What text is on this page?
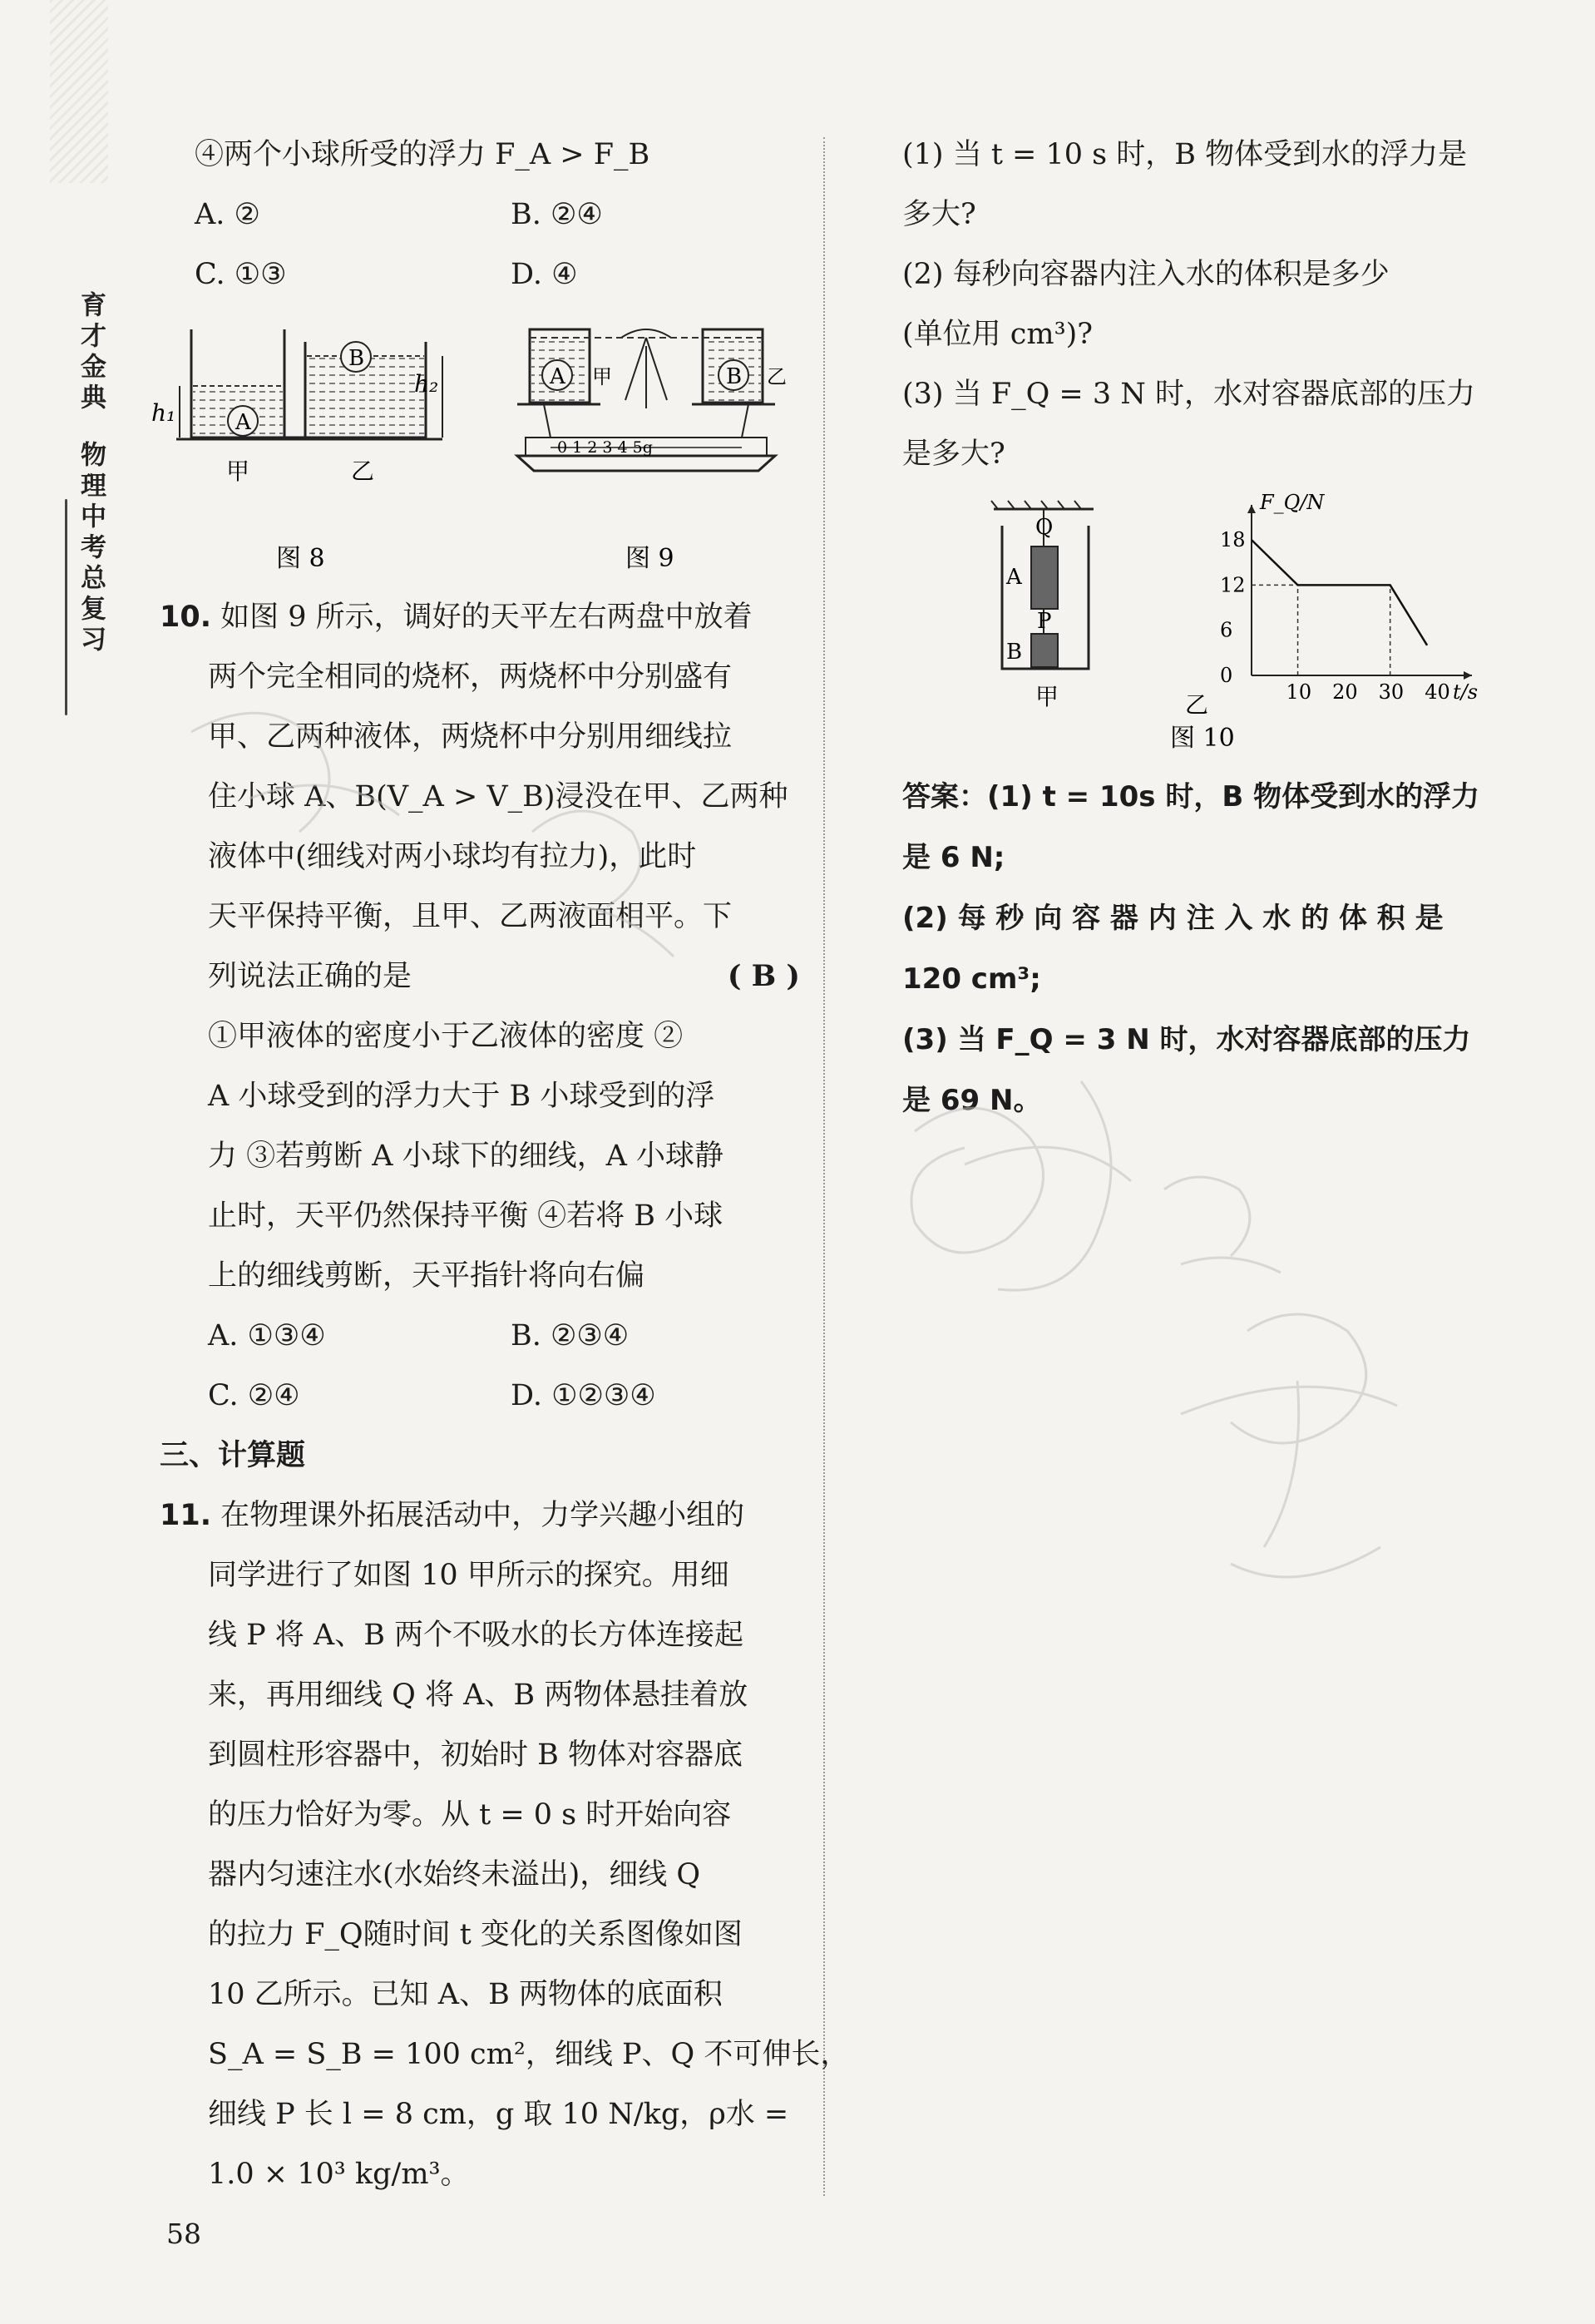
育才金典物理中考总复习
④两个小球所受的浮力 F_A > F_B
A. ②	B. ②④
C. ①③	D. ④
h₁
h₂
A
B
甲	乙
图 8
A	B
甲	乙
0 1 2 3 4 5g
图 9
10. 如图 9 所示，调好的天平左右两盘中放着
两个完全相同的烧杯，两烧杯中分别盛有
甲、乙两种液体，两烧杯中分别用细线拉
住小球 A、B(V_A > V_B)浸没在甲、乙两种
液体中(细线对两小球均有拉力)，此时
天平保持平衡，且甲、乙两液面相平。下
列说法正确的是	( B )
①甲液体的密度小于乙液体的密度 ②
A 小球受到的浮力大于 B 小球受到的浮
力 ③若剪断 A 小球下的细线，A 小球静
止时，天平仍然保持平衡 ④若将 B 小球
上的细线剪断，天平指针将向右偏
A. ①③④	B. ②③④
C. ②④	D. ①②③④
三、计算题
11. 在物理课外拓展活动中，力学兴趣小组的
同学进行了如图 10 甲所示的探究。用细
线 P 将 A、B 两个不吸水的长方体连接起
来，再用细线 Q 将 A、B 两物体悬挂着放
到圆柱形容器中，初始时 B 物体对容器底
的压力恰好为零。从 t = 0 s 时开始向容
器内匀速注水(水始终未溢出)，细线 Q
的拉力 F_Q随时间 t 变化的关系图像如图
10 乙所示。已知 A、B 两物体的底面积
S_A = S_B = 100 cm²，细线 P、Q 不可伸长，
细线 P 长 l = 8 cm，g 取 10 N/kg，ρ水 =
1.0 × 10³ kg/m³。
(1) 当 t = 10 s 时，B 物体受到水的浮力是
多大?
(2) 每秒向容器内注入水的体积是多少
(单位用 cm³)?
(3) 当 F_Q = 3 N 时，水对容器底部的压力
是多大?
Q
A
P
B
甲	10 20 30 40
0
6
12
18
t/s
F_Q/N
乙
图 10
答案：(1) t = 10s 时，B 物体受到水的浮力
是 6 N;
(2) 每 秒 向 容 器 内 注 入 水 的 体 积 是
120 cm³;
(3) 当 F_Q = 3 N 时，水对容器底部的压力
是 69 N。
58
